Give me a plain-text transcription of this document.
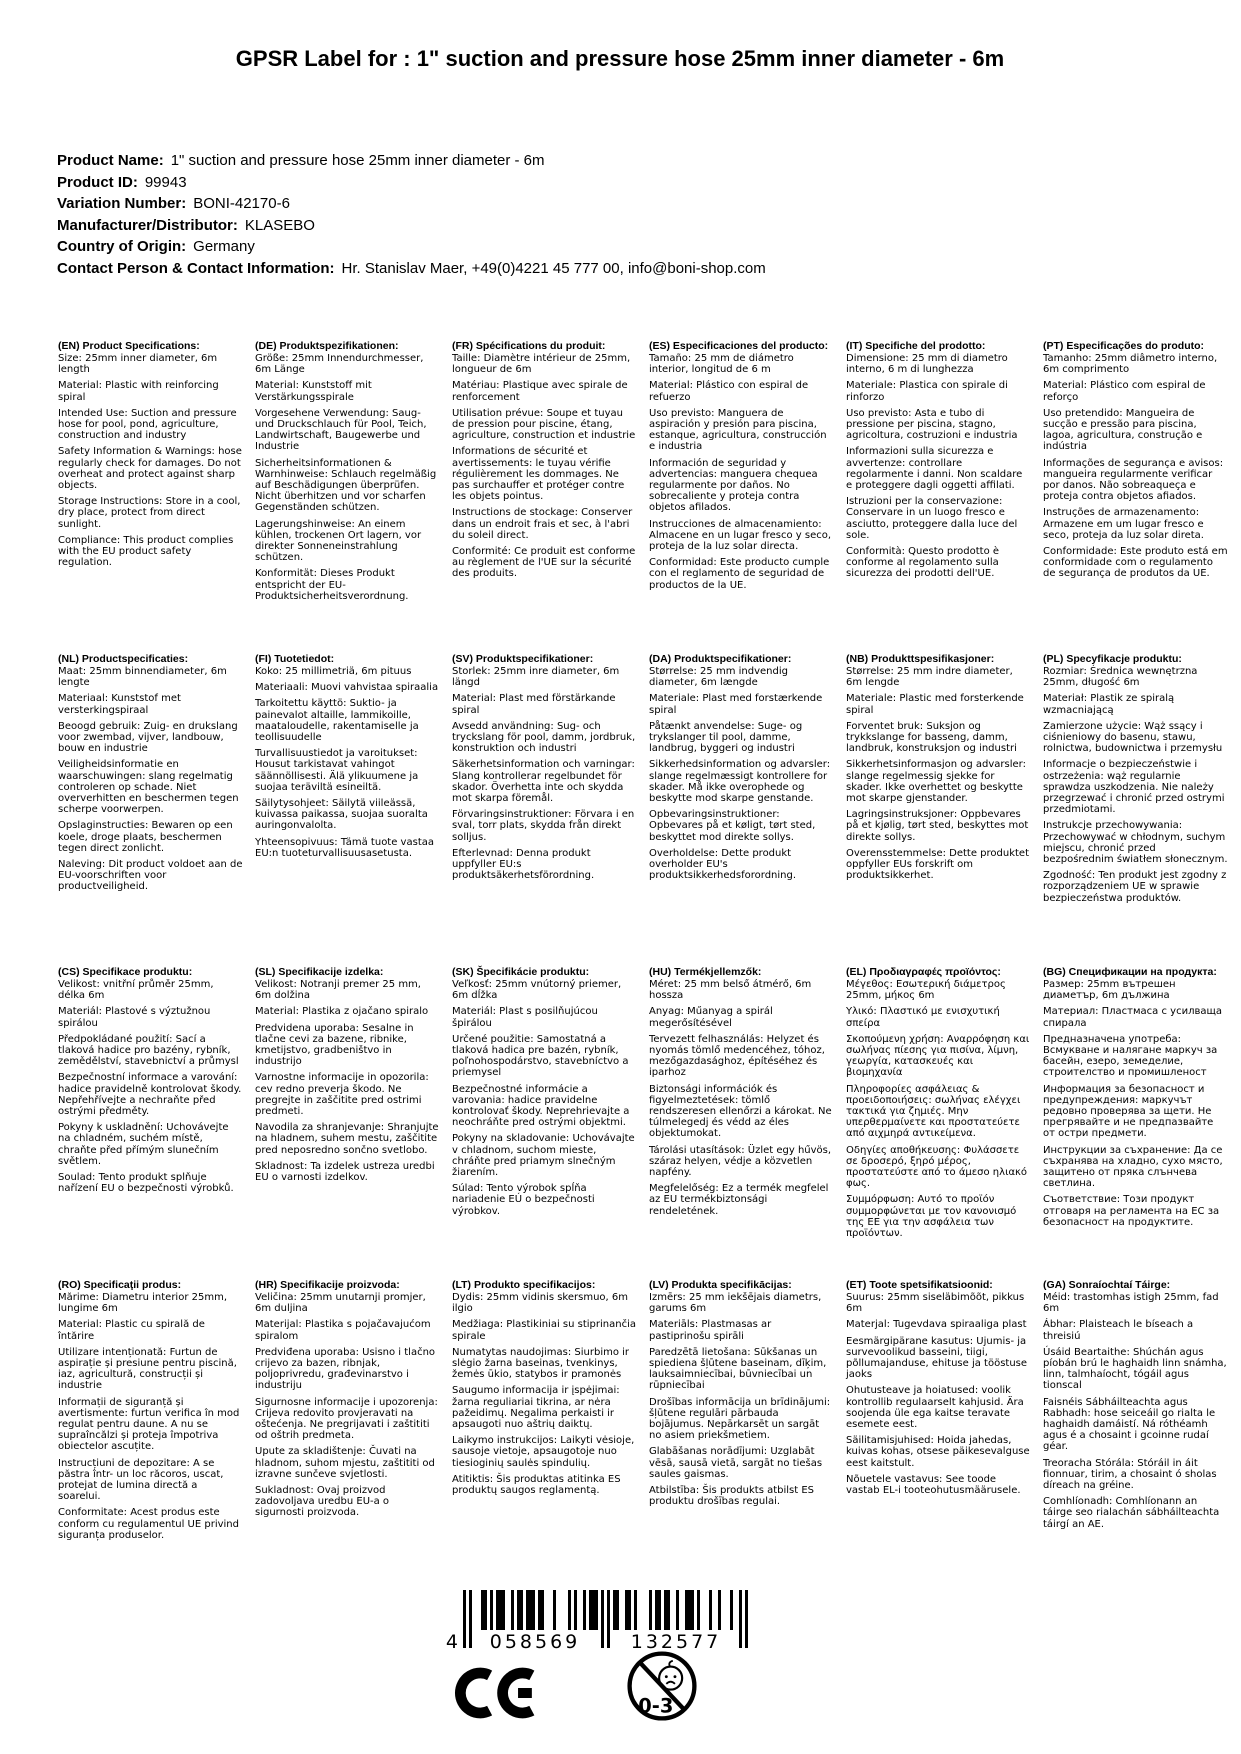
GPSR Label for : 1" suction and pressure hose 25mm inner diameter - 6m
Product Name: 1" suction and pressure hose 25mm inner diameter - 6m
Product ID: 99943
Variation Number: BONI-42170-6
Manufacturer/Distributor: KLASEBO
Country of Origin: Germany
Contact Person & Contact Information: Hr. Stanislav Maer, +49(0)4221 45 777 00, info@boni-shop.com
(EN) Product Specifications:

Size: 25mm inner diameter, 6m length

Material: Plastic with reinforcing spiral

Intended Use: Suction and pressure hose for pool, pond, agriculture, construction and industry

Safety Information & Warnings: hose regularly check for damages. Do not overheat and protect against sharp objects.

Storage Instructions: Store in a cool, dry place, protect from direct sunlight.

Compliance: This product complies with the EU product safety regulation.

(DE) Produktspezifikationen:

Größe: 25mm Innendurchmesser, 6m Länge

Material: Kunststoff mit Verstärkungsspirale

Vorgesehene Verwendung: Saug- und Druckschlauch für Pool, Teich, Landwirtschaft, Baugewerbe und Industrie

Sicherheitsinformationen & Warnhinweise: Schlauch regelmäßig auf Beschädigungen überprüfen. Nicht überhitzen und vor scharfen Gegenständen schützen.

Lagerungshinweise: An einem kühlen, trockenen Ort lagern, vor direkter Sonneneinstrahlung schützen.

Konformität: Dieses Produkt entspricht der EU-Produktsicherheitsverordnung.

(FR) Spécifications du produit:

Taille: Diamètre intérieur de 25mm, longueur de 6m

Matériau: Plastique avec spirale de renforcement

Utilisation prévue: Soupe et tuyau de pression pour piscine, étang, agriculture, construction et industrie

Informations de sécurité et avertissements: le tuyau vérifie régulièrement les dommages. Ne pas surchauffer et protéger contre les objets pointus.

Instructions de stockage: Conserver dans un endroit frais et sec, à l'abri du soleil direct.

Conformité: Ce produit est conforme au règlement de l'UE sur la sécurité des produits.

(ES) Especificaciones del producto:

Tamaño: 25 mm de diámetro interior, longitud de 6 m

Material: Plástico con espiral de refuerzo

Uso previsto: Manguera de aspiración y presión para piscina, estanque, agricultura, construcción e industria

Información de seguridad y advertencias: manguera chequea regularmente por daños. No sobrecaliente y proteja contra objetos afilados.

Instrucciones de almacenamiento: Almacene en un lugar fresco y seco, proteja de la luz solar directa.

Conformidad: Este producto cumple con el reglamento de seguridad de productos de la UE.

(IT) Specifiche del prodotto:

Dimensione: 25 mm di diametro interno, 6 m di lunghezza

Materiale: Plastica con spirale di rinforzo

Uso previsto: Asta e tubo di pressione per piscina, stagno, agricoltura, costruzioni e industria

Informazioni sulla sicurezza e avvertenze: controllare regolarmente i danni. Non scaldare e proteggere dagli oggetti affilati.

Istruzioni per la conservazione: Conservare in un luogo fresco e asciutto, proteggere dalla luce del sole.

Conformità: Questo prodotto è conforme al regolamento sulla sicurezza dei prodotti dell'UE.

(PT) Especificações do produto:

Tamanho: 25mm diâmetro interno, 6m comprimento

Material: Plástico com espiral de reforço

Uso pretendido: Mangueira de sucção e pressão para piscina, lagoa, agricultura, construção e indústria

Informações de segurança e avisos: mangueira regularmente verificar por danos. Não sobreaqueça e proteja contra objetos afiados.

Instruções de armazenamento: Armazene em um lugar fresco e seco, proteja da luz solar direta.

Conformidade: Este produto está em conformidade com o regulamento de segurança de produtos da UE.

(NL) Productspecificaties:

Maat: 25mm binnendiameter, 6m lengte

Materiaal: Kunststof met versterkingspiraal

Beoogd gebruik: Zuig- en drukslang voor zwembad, vijver, landbouw, bouw en industrie

Veiligheidsinformatie en waarschuwingen: slang regelmatig controleren op schade. Niet oververhitten en beschermen tegen scherpe voorwerpen.

Opslaginstructies: Bewaren op een koele, droge plaats, beschermen tegen direct zonlicht.

Naleving: Dit product voldoet aan de EU-voorschriften voor productveiligheid.

(FI) Tuotetiedot:

Koko: 25 millimetriä, 6m pituus

Materiaali: Muovi vahvistaa spiraalia

Tarkoitettu käyttö: Suktio- ja painevalot altaille, lammikoille, maataloudelle, rakentamiselle ja teollisuudelle

Turvallisuustiedot ja varoitukset: Housut tarkistavat vahingot säännöllisesti. Älä ylikuumene ja suojaa teräviltä esineiltä.

Säilytysohjeet: Säilytä viileässä, kuivassa paikassa, suojaa suoralta auringonvalolta.

Yhteensopivuus: Tämä tuote vastaa EU:n tuoteturvallisuusasetusta.

(SV) Produktspecifikationer:

Storlek: 25mm inre diameter, 6m längd

Material: Plast med förstärkande spiral

Avsedd användning: Sug- och tryckslang för pool, damm, jordbruk, konstruktion och industri

Säkerhetsinformation och varningar: Slang kontrollerar regelbundet för skador. Överhetta inte och skydda mot skarpa föremål.

Förvaringsinstruktioner: Förvara i en sval, torr plats, skydda från direkt solljus.

Efterlevnad: Denna produkt uppfyller EU:s produktsäkerhetsförordning.

(DA) Produktspecifikationer:

Størrelse: 25 mm indvendig diameter, 6m længde

Materiale: Plast med forstærkende spiral

Påtænkt anvendelse: Suge- og trykslanger til pool, damme, landbrug, byggeri og industri

Sikkerhedsinformation og advarsler: slange regelmæssigt kontrollere for skader. Må ikke overophede og beskytte mod skarpe genstande.

Opbevaringsinstruktioner: Opbevares på et køligt, tørt sted, beskyttet mod direkte sollys.

Overholdelse: Dette produkt overholder EU's produktsikkerhedsforordning.

(NB) Produkttspesifikasjoner:

Størrelse: 25 mm indre diameter, 6m lengde

Materiale: Plastic med forsterkende spiral

Forventet bruk: Suksjon og trykkslange for basseng, damm, landbruk, konstruksjon og industri

Sikkerhetsinformasjon og advarsler: slange regelmessig sjekke for skader. Ikke overhettet og beskytte mot skarpe gjenstander.

Lagringsinstruksjoner: Oppbevares på et kjølig, tørt sted, beskyttes mot direkte sollys.

Overensstemmelse: Dette produktet oppfyller EUs forskrift om produktsikkerhet.

(PL) Specyfikacje produktu:

Rozmiar: Średnica wewnętrzna 25mm, długość 6m

Materiał: Plastik ze spiralą wzmacniającą

Zamierzone użycie: Wąż ssący i ciśnieniowy do basenu, stawu, rolnictwa, budownictwa i przemysłu

Informacje o bezpieczeństwie i ostrzeżenia: wąż regularnie sprawdza uszkodzenia. Nie należy przegrzewać i chronić przed ostrymi przedmiotami.

Instrukcje przechowywania: Przechowywać w chłodnym, suchym miejscu, chronić przed bezpośrednim światłem słonecznym.

Zgodność: Ten produkt jest zgodny z rozporządzeniem UE w sprawie bezpieczeństwa produktów.

(CS) Specifikace produktu:

Velikost: vnitřní průměr 25mm, délka 6m

Materiál: Plastové s výztužnou spirálou

Předpokládané použití: Sací a tlaková hadice pro bazény, rybník, zemědělství, stavebnictví a průmysl

Bezpečnostní informace a varování: hadice pravidelně kontrolovat škody. Nepřehřívejte a nechraňte před ostrými předměty.

Pokyny k uskladnění: Uchovávejte na chladném, suchém místě, chraňte před přímým slunečním světlem.

Soulad: Tento produkt splňuje nařízení EU o bezpečnosti výrobků.

(SL) Specifikacije izdelka:

Velikost: Notranji premer 25 mm, 6m dolžina

Material: Plastika z ojačano spiralo

Predvidena uporaba: Sesalne in tlačne cevi za bazene, ribnike, kmetijstvo, gradbeništvo in industrijo

Varnostne informacije in opozorila: cev redno preverja škodo. Ne pregrejte in zaščitite pred ostrimi predmeti.

Navodila za shranjevanje: Shranjujte na hladnem, suhem mestu, zaščitite pred neposredno sončno svetlobo.

Skladnost: Ta izdelek ustreza uredbi EU o varnosti izdelkov.

(SK) Špecifikácie produktu:

Veľkosť: 25mm vnútorný priemer, 6m dĺžka

Materiál: Plast s posilňujúcou špirálou

Určené použitie: Samostatná a tlaková hadica pre bazén, rybník, poľnohospodárstvo, stavebníctvo a priemysel

Bezpečnostné informácie a varovania: hadice pravidelne kontrolovať škody. Neprehrievajte a neochráňte pred ostrými objektmi.

Pokyny na skladovanie: Uchovávajte v chladnom, suchom mieste, chráňte pred priamym slnečným žiarením.

Súlad: Tento výrobok spĺňa nariadenie EÚ o bezpečnosti výrobkov.

(HU) Termékjellemzők:

Méret: 25 mm belső átmérő, 6m hossza

Anyag: Műanyag a spirál megerősítésével

Tervezett felhasználás: Helyzet és nyomás tömlő medencéhez, tóhoz, mezőgazdasághoz, építéséhez és iparhoz

Biztonsági információk és figyelmeztetések: tömlő rendszeresen ellenőrzi a károkat. Ne túlmelegedj és védd az éles objektumokat.

Tárolási utasítások: Üzlet egy hűvös, száraz helyen, védje a közvetlen napfény.

Megfelelőség: Ez a termék megfelel az EU termékbiztonsági rendeletének.

(EL) Προδιαγραφές προϊόντος:

Μέγεθος: Εσωτερική διάμετρος 25mm, μήκος 6m

Υλικό: Πλαστικό με ενισχυτική σπείρα

Σκοπούμενη χρήση: Αναρρόφηση και σωλήνας πίεσης για πισίνα, λίμνη, γεωργία, κατασκευές και βιομηχανία

Πληροφορίες ασφάλειας & προειδοποιήσεις: σωλήνας ελέγχει τακτικά για ζημιές. Μην υπερθερμαίνετε και προστατεύετε από αιχμηρά αντικείμενα.

Οδηγίες αποθήκευσης: Φυλάσσετε σε δροσερό, ξηρό μέρος, προστατεύστε από το άμεσο ηλιακό φως.

Συμμόρφωση: Αυτό το προϊόν συμμορφώνεται με τον κανονισμό της ΕΕ για την ασφάλεια των προϊόντων.

(BG) Спецификации на продукта:

Размер: 25mm вътрешен диаметър, 6m дължина

Материал: Пластмаса с усилваща спирала

Предназначена употреба: Всмукване и налягане маркуч за басейн, езеро, земеделие, строителство и промишленост

Информация за безопасност и предупреждения: маркучът редовно проверява за щети. Не прегрявайте и не предпазвайте от остри предмети.

Инструкции за съхранение: Да се съхранява на хладно, сухо място, защитено от пряка слънчева светлина.

Съответствие: Този продукт отговаря на регламента на ЕС за безопасност на продуктите.

(RO) Specificaţii produs:

Mărime: Diametru interior 25mm, lungime 6m

Material: Plastic cu spirală de întărire

Utilizare intenționată: Furtun de aspirație și presiune pentru piscină, iaz, agricultură, construcții și industrie

Informații de siguranță și avertismente: furtun verifica în mod regulat pentru daune. A nu se supraîncălzi și proteja împotriva obiectelor ascuțite.

Instrucțiuni de depozitare: A se păstra într- un loc răcoros, uscat, protejat de lumina directă a soarelui.

Conformitate: Acest produs este conform cu regulamentul UE privind siguranța produselor.

(HR) Specifikacije proizvoda:

Veličina: 25mm unutarnji promjer, 6m duljina

Materijal: Plastika s pojačavajućom spiralom

Predviđena uporaba: Usisno i tlačno crijevo za bazen, ribnjak, poljoprivredu, građevinarstvo i industriju

Sigurnosne informacije i upozorenja: Crijeva redovito provjeravati na oštećenja. Ne pregrijavati i zaštititi od oštrih predmeta.

Upute za skladištenje: Čuvati na hladnom, suhom mjestu, zaštititi od izravne sunčeve svjetlosti.

Sukladnost: Ovaj proizvod zadovoljava uredbu EU-a o sigurnosti proizvoda.

(LT) Produkto specifikacijos:

Dydis: 25mm vidinis skersmuo, 6m ilgio

Medžiaga: Plastikiniai su stiprinančia spirale

Numatytas naudojimas: Siurbimo ir slėgio žarna baseinas, tvenkinys, žemės ūkio, statybos ir pramonės

Saugumo informacija ir įspėjimai: žarna reguliariai tikrina, ar nėra pažeidimų. Negalima perkaisti ir apsaugoti nuo aštrių daiktų.

Laikymo instrukcijos: Laikyti vėsioje, sausoje vietoje, apsaugotoje nuo tiesioginių saulės spindulių.

Atitiktis: Šis produktas atitinka ES produktų saugos reglamentą.

(LV) Produkta specifikācijas:

Izmērs: 25 mm iekšējais diametrs, garums 6m

Materiāls: Plastmasas ar pastiprinošu spirāli

Paredzētā lietošana: Sūkšanas un spiediena šļūtene baseinam, dīķim, lauksaimniecībai, būvniecībai un rūpniecībai

Drošības informācija un brīdinājumi: šļūtene regulāri pārbauda bojājumus. Nepārkarsēt un sargāt no asiem priekšmetiem.

Glabāšanas norādījumi: Uzglabāt vēsā, sausā vietā, sargāt no tiešas saules gaismas.

Atbilstība: Šis produkts atbilst ES produktu drošības regulai.

(ET) Toote spetsifikatsioonid:

Suurus: 25mm siseläbimõõt, pikkus 6m

Materjal: Tugevdava spiraaliga plast

Eesmärgipärane kasutus: Ujumis- ja survevoolikud basseini, tiigi, põllumajanduse, ehituse ja tööstuse jaoks

Ohutusteave ja hoiatused: voolik kontrollib regulaarselt kahjusid. Ära soojenda üle ega kaitse teravate esemete eest.

Säilitamisjuhised: Hoida jahedas, kuivas kohas, otsese päikesevalguse eest kaitstult.

Nõuetele vastavus: See toode vastab EL-i tooteohutusmäärusele.

(GA) Sonraíochtaí Táirge:

Méid: trastomhas istigh 25mm, fad 6m

Ábhar: Plaisteach le bíseach a threisiú

Úsáid Beartaithe: Shúchán agus píobán brú le haghaidh linn snámha, linn, talmhaíocht, tógáil agus tionscal

Faisnéis Sábháilteachta agus Rabhadh: hose seiceáil go rialta le haghaidh damáistí. Ná róthéamh agus é a chosaint i gcoinne rudaí géar.

Treoracha Stórála: Stóráil in áit fionnuar, tirim, a chosaint ó sholas díreach na gréine.

Comhlíonadh: Comhlíonann an táirge seo rialachán sábháilteachta táirgí an AE.

4	058569	132577
0-3
